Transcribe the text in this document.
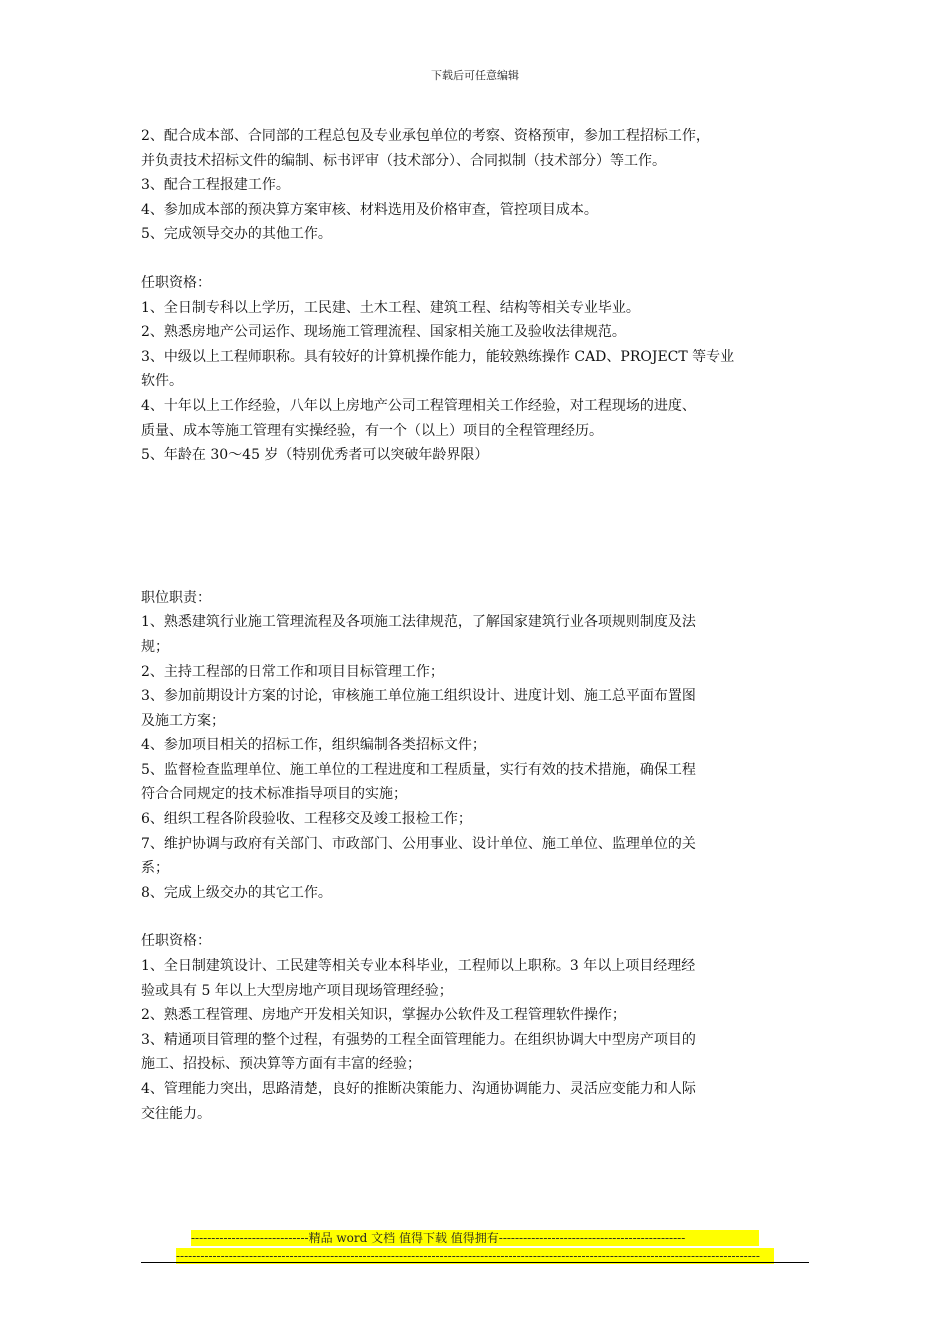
下载后可任意编辑
2、配合成本部、合同部的工程总包及专业承包单位的考察、资格预审，参加工程招标工作，
并负责技术招标文件的编制、标书评审（技术部分）、合同拟制（技术部分）等工作。
3、配合工程报建工作。
4、参加成本部的预决算方案审核、材料选用及价格审查，管控项目成本。
5、完成领导交办的其他工作。
任职资格：
1、全日制专科以上学历，工民建、土木工程、建筑工程、结构等相关专业毕业。
2、熟悉房地产公司运作、现场施工管理流程、国家相关施工及验收法律规范。
3、中级以上工程师职称。具有较好的计算机操作能力，能较熟练操作 CAD、PROJECT 等专业
软件。
4、十年以上工作经验，八年以上房地产公司工程管理相关工作经验，对工程现场的进度、
质量、成本等施工管理有实操经验，有一个（以上）项目的全程管理经历。
5、年龄在 30～45 岁（特别优秀者可以突破年龄界限）
职位职责：
1、熟悉建筑行业施工管理流程及各项施工法律规范，了解国家建筑行业各项规则制度及法
规；
2、主持工程部的日常工作和项目目标管理工作；
3、参加前期设计方案的讨论，审核施工单位施工组织设计、进度计划、施工总平面布置图
及施工方案；
4、参加项目相关的招标工作，组织编制各类招标文件；
5、监督检查监理单位、施工单位的工程进度和工程质量，实行有效的技术措施，确保工程
符合合同规定的技术标准指导项目的实施；
6、组织工程各阶段验收、工程移交及竣工报检工作；
7、维护协调与政府有关部门、市政部门、公用事业、设计单位、施工单位、监理单位的关
系；
8、完成上级交办的其它工作。
任职资格：
1、全日制建筑设计、工民建等相关专业本科毕业，工程师以上职称。3 年以上项目经理经
验或具有 5 年以上大型房地产项目现场管理经验；
2、熟悉工程管理、房地产开发相关知识，掌握办公软件及工程管理软件操作；
3、精通项目管理的整个过程，有强势的工程全面管理能力。在组织协调大中型房产项目的
施工、招投标、预决算等方面有丰富的经验；
4、管理能力突出，思路清楚，良好的推断决策能力、沟通协调能力、灵活应变能力和人际
交往能力。
-----------------------------精品 word 文档 值得下载 值得拥有----------------------------------------------
------------------------------------------------------------------------------------------------------------------------------------------------
